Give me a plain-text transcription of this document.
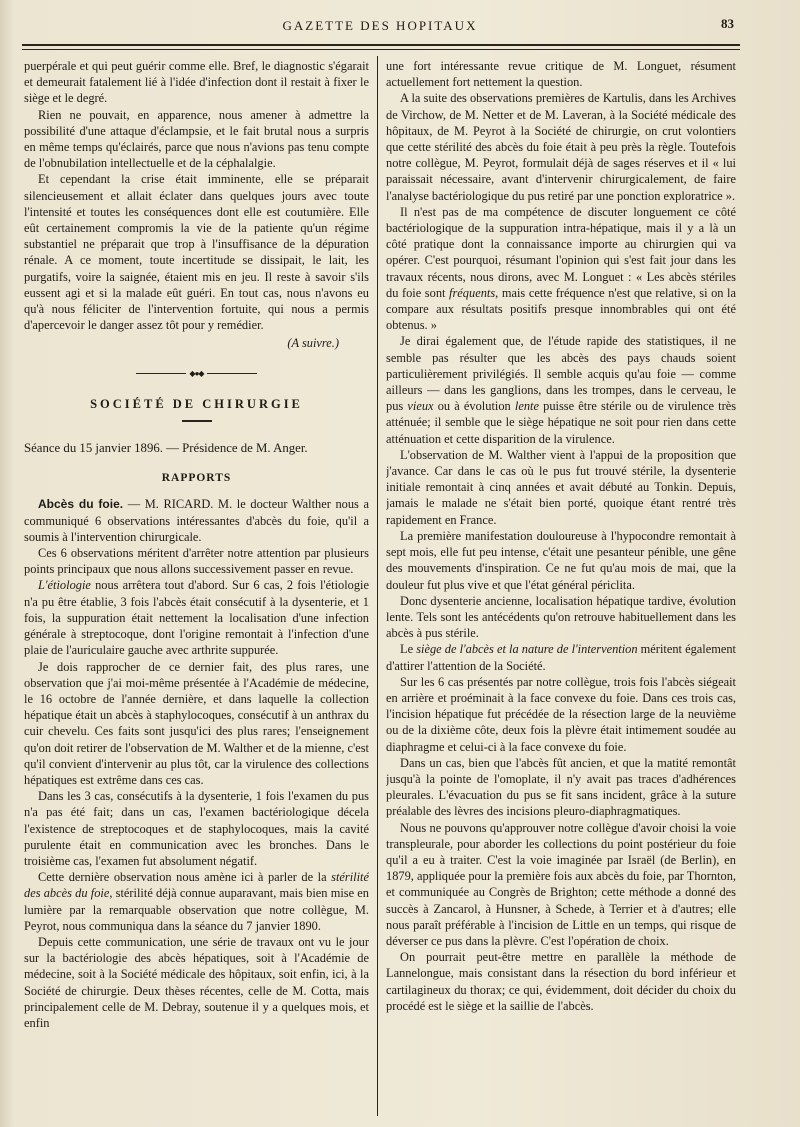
GAZETTE DES HOPITAUX	83

puerpérale et qui peut guérir comme elle. Bref, le diagnostic s'égarait et demeurait fatalement lié à l'idée d'infection dont il restait à fixer le siège et le degré.

Rien ne pouvait, en apparence, nous amener à admettre la possibilité d'une attaque d'éclampsie, et le fait brutal nous a surpris en même temps qu'éclairés, parce que nous n'avions pas tenu compte de l'obnubilation intellectuelle et de la céphalalgie.

Et cependant la crise était imminente, elle se préparait silencieusement et allait éclater dans quelques jours avec toute l'intensité et toutes les conséquences dont elle est coutumière. Elle eût certainement compromis la vie de la patiente qu'un régime substantiel ne préparait que trop à l'insuffisance de la dépuration rénale. A ce moment, toute incertitude se dissipait, le lait, les purgatifs, voire la saignée, étaient mis en jeu. Il reste à savoir s'ils eussent agi et si la malade eût guéri. En tout cas, nous n'avons eu qu'à nous féliciter de l'intervention fortuite, qui nous a permis d'apercevoir le danger assez tôt pour y remédier.

(A suivre.)
◆●◆
SOCIÉTÉ DE CHIRURGIE

Séance du 15 janvier 1896. — Présidence de M. Anger.

RAPPORTS

Abcès du foie. — M. RICARD. M. le docteur Walther nous a communiqué 6 observations intéressantes d'abcès du foie, qu'il a soumis à l'intervention chirurgicale.

Ces 6 observations méritent d'arrêter notre attention par plusieurs points principaux que nous allons successivement passer en revue.

L'étiologie nous arrêtera tout d'abord. Sur 6 cas, 2 fois l'étiologie n'a pu être établie, 3 fois l'abcès était consécutif à la dysenterie, et 1 fois, la suppuration était nettement la localisation d'une infection générale à streptocoque, dont l'origine remontait à l'infection d'une plaie de l'auriculaire gauche avec arthrite suppurée.

Je dois rapprocher de ce dernier fait, des plus rares, une observation que j'ai moi-même présentée à l'Académie de médecine, le 16 octobre de l'année dernière, et dans laquelle la collection hépatique était un abcès à staphylocoques, consécutif à un anthrax du cuir chevelu. Ces faits sont jusqu'ici des plus rares; l'enseignement qu'on doit retirer de l'observation de M. Walther et de la mienne, c'est qu'il convient d'intervenir au plus tôt, car la virulence des collections hépatiques est extrême dans ces cas.

Dans les 3 cas, consécutifs à la dysenterie, 1 fois l'examen du pus n'a pas été fait; dans un cas, l'examen bactériologique décela l'existence de streptocoques et de staphylocoques, mais la cavité purulente était en communication avec les bronches. Dans le troisième cas, l'examen fut absolument négatif.

Cette dernière observation nous amène ici à parler de la stérilité des abcès du foie, stérilité déjà connue auparavant, mais bien mise en lumière par la remarquable observation que notre collègue, M. Peyrot, nous communiqua dans la séance du 7 janvier 1890.

Depuis cette communication, une série de travaux ont vu le jour sur la bactériologie des abcès hépatiques, soit à l'Académie de médecine, soit à la Société médicale des hôpitaux, soit enfin, ici, à la Société de chirurgie. Deux thèses récentes, celle de M. Cotta, mais principalement celle de M. Debray, soutenue il y a quelques mois, et enfin

une fort intéressante revue critique de M. Longuet, résument actuellement fort nettement la question.

A la suite des observations premières de Kartulis, dans les Archives de Virchow, de M. Netter et de M. Laveran, à la Société médicale des hôpitaux, de M. Peyrot à la Société de chirurgie, on crut volontiers que cette stérilité des abcès du foie était à peu près la règle. Toutefois notre collègue, M. Peyrot, formulait déjà de sages réserves et il « lui paraissait nécessaire, avant d'intervenir chirurgicalement, de faire l'analyse bactériologique du pus retiré par une ponction exploratrice ».

Il n'est pas de ma compétence de discuter longuement ce côté bactériologique de la suppuration intra-hépatique, mais il y a là un côté pratique dont la connaissance importe au chirurgien qui va opérer. C'est pourquoi, résumant l'opinion qui s'est fait jour dans les travaux récents, nous dirons, avec M. Longuet : « Les abcès stériles du foie sont fréquents, mais cette fréquence n'est que relative, si on la compare aux résultats positifs presque innombrables qui ont été obtenus. »

Je dirai également que, de l'étude rapide des statistiques, il ne semble pas résulter que les abcès des pays chauds soient particulièrement privilégiés. Il semble acquis qu'au foie — comme ailleurs — dans les ganglions, dans les trompes, dans le cerveau, le pus vieux ou à évolution lente puisse être stérile ou de virulence très atténuée; il semble que le siège hépatique ne soit pour rien dans cette atténuation et cette disparition de la virulence.

L'observation de M. Walther vient à l'appui de la proposition que j'avance. Car dans le cas où le pus fut trouvé stérile, la dysenterie initiale remontait à cinq années et avait débuté au Tonkin. Depuis, jamais le malade ne s'était bien porté, quoique étant rentré très rapidement en France.

La première manifestation douloureuse à l'hypocondre remontait à sept mois, elle fut peu intense, c'était une pesanteur pénible, une gêne des mouvements d'inspiration. Ce ne fut qu'au mois de mai, que la douleur fut plus vive et que l'état général périclita.

Donc dysenterie ancienne, localisation hépatique tardive, évolution lente. Tels sont les antécédents qu'on retrouve habituellement dans les abcès à pus stérile.

Le siège de l'abcès et la nature de l'intervention méritent également d'attirer l'attention de la Société.

Sur les 6 cas présentés par notre collègue, trois fois l'abcès siégeait en arrière et proéminait à la face convexe du foie. Dans ces trois cas, l'incision hépatique fut précédée de la résection large de la neuvième ou de la dixième côte, deux fois la plèvre était intimement soudée au diaphragme et celui-ci à la face convexe du foie.

Dans un cas, bien que l'abcès fût ancien, et que la matité remontât jusqu'à la pointe de l'omoplate, il n'y avait pas traces d'adhérences pleurales. L'évacuation du pus se fit sans incident, grâce à la suture préalable des lèvres des incisions pleuro-diaphragmatiques.

Nous ne pouvons qu'approuver notre collègue d'avoir choisi la voie transpleurale, pour aborder les collections du point postérieur du foie qu'il a eu à traiter. C'est la voie imaginée par Israël (de Berlin), en 1879, appliquée pour la première fois aux abcès du foie, par Thornton, et communiquée au Congrès de Brighton; cette méthode a donné des succès à Zancarol, à Hunsner, à Schede, à Terrier et à d'autres; elle nous paraît préférable à l'incision de Little en un temps, qui risque de déverser ce pus dans la plèvre. C'est l'opération de choix.

On pourrait peut-être mettre en parallèle la méthode de Lannelongue, mais consistant dans la résection du bord inférieur et cartilagineux du thorax; ce qui, évidemment, doit décider du choix du procédé est le siège et la saillie de l'abcès.
